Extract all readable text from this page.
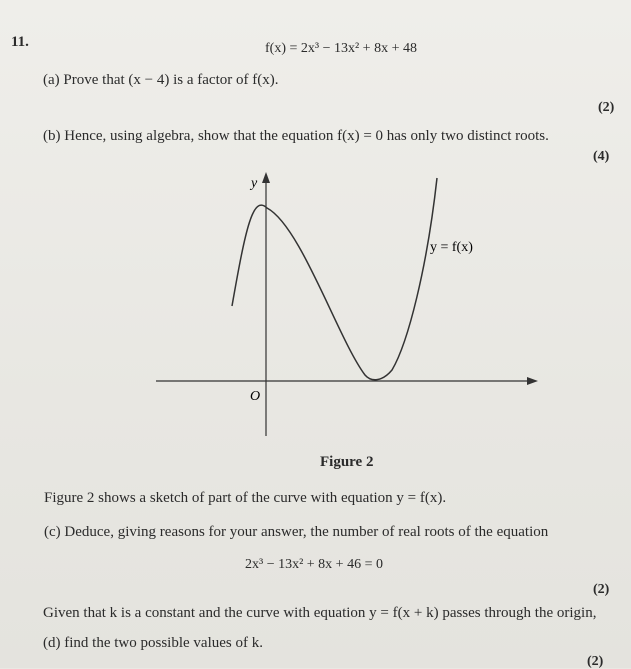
11.	f(x) = 2x³ − 13x² + 8x + 48
(a) Prove that (x − 4) is a factor of f(x).
(2)
(b) Hence, using algebra, show that the equation f(x) = 0 has only two distinct roots.
(4)
y
O
y = f(x)
Figure 2
Figure 2 shows a sketch of part of the curve with equation y = f(x).
(c) Deduce, giving reasons for your answer, the number of real roots of the equation
2x³ − 13x² + 8x + 46 = 0
(2)
Given that k is a constant and the curve with equation y = f(x + k) passes through the origin,
(d) find the two possible values of k.
(2)
